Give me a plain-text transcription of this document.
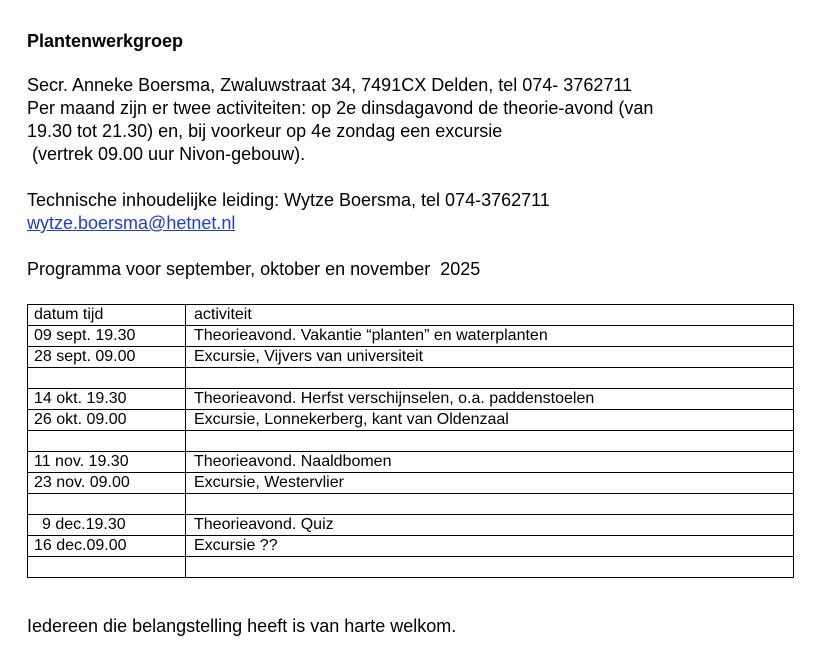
Plantenwerkgroep
Secr. Anneke Boersma, Zwaluwstraat 34, 7491CX Delden, tel 074- 3762711
Per maand zijn er twee activiteiten: op 2e dinsdagavond de theorie-avond (van
19.30 tot 21.30) en, bij voorkeur op 4e zondag een excursie
(vertrek 09.00 uur Nivon-gebouw).
Technische inhoudelijke leiding: Wytze Boersma, tel 074-3762711
wytze.boersma@hetnet.nl
Programma voor september, oktober en november  2025
datum tijd	activiteit
09 sept. 19.30	Theorieavond. Vakantie “planten” en waterplanten
28 sept. 09.00	Excursie, Vijvers van universiteit

14 okt. 19.30	Theorieavond. Herfst verschijnselen, o.a. paddenstoelen
26 okt. 09.00	Excursie, Lonnekerberg, kant van Oldenzaal

11 nov. 19.30	Theorieavond. Naaldbomen
23 nov. 09.00	Excursie, Westervlier

9 dec.19.30	Theorieavond. Quiz
16 dec.09.00	Excursie ??

Iedereen die belangstelling heeft is van harte welkom.
